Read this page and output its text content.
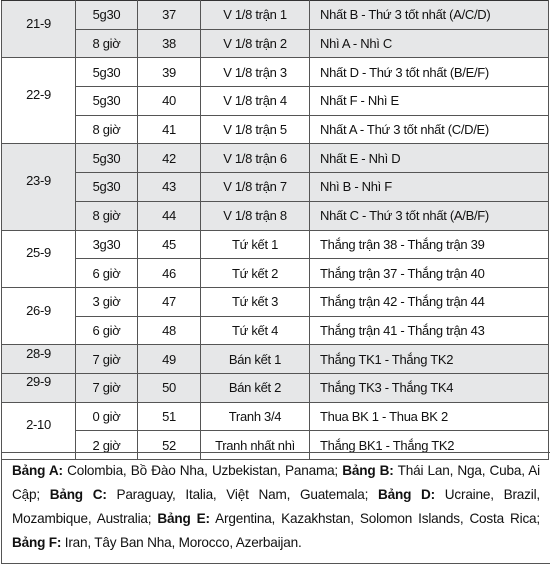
21-9	5g30	37	V 1/8 trận 1	Nhất B - Thứ 3 tốt nhất (A/C/D)
	8 giờ	38	V 1/8 trận 2	Nhì A - Nhì C
22-9	5g30	39	V 1/8 trận 3	Nhất D - Thứ 3 tốt nhất (B/E/F)
	5g30	40	V 1/8 trận 4	Nhất F - Nhì E
	8 giờ	41	V 1/8 trận 5	Nhất A - Thứ 3 tốt nhất (C/D/E)
23-9	5g30	42	V 1/8 trận 6	Nhất E - Nhì D
	5g30	43	V 1/8 trận 7	Nhì B - Nhì F
	8 giờ	44	V 1/8 trận 8	Nhất C - Thứ 3 tốt nhất (A/B/F)
25-9	3g30	45	Tứ kết 1	Thắng trận 38 - Thắng trận 39
	6 giờ	46	Tứ kết 2	Thắng trận 37 - Thắng trận 40
26-9	3 giờ	47	Tứ kết 3	Thắng trận 42 - Thắng trận 44
	6 giờ	48	Tứ kết 4	Thắng trận 41 - Thắng trận 43
28-9	7 giờ	49	Bán kết 1	Thắng TK1 - Thắng TK2
29-9	7 giờ	50	Bán kết 2	Thắng TK3 - Thắng TK4
2-10	0 giờ	51	Tranh 3/4	Thua BK 1 - Thua BK 2
	2 giờ	52	Tranh nhất nhì	Thắng BK1 - Thắng TK2
Bảng A: Colombia, Bồ Đào Nha, Uzbekistan, Panama; Bảng B: Thái Lan, Nga, Cuba, Ai Cập; Bảng C: Paraguay, Italia, Việt Nam, Guatemala; Bảng D: Ucraine, Brazil, Mozambique, Australia; Bảng E: Argentina, Kazakhstan, Solomon Islands, Costa Rica; Bảng F: Iran, Tây Ban Nha, Morocco, Azerbaijan.
